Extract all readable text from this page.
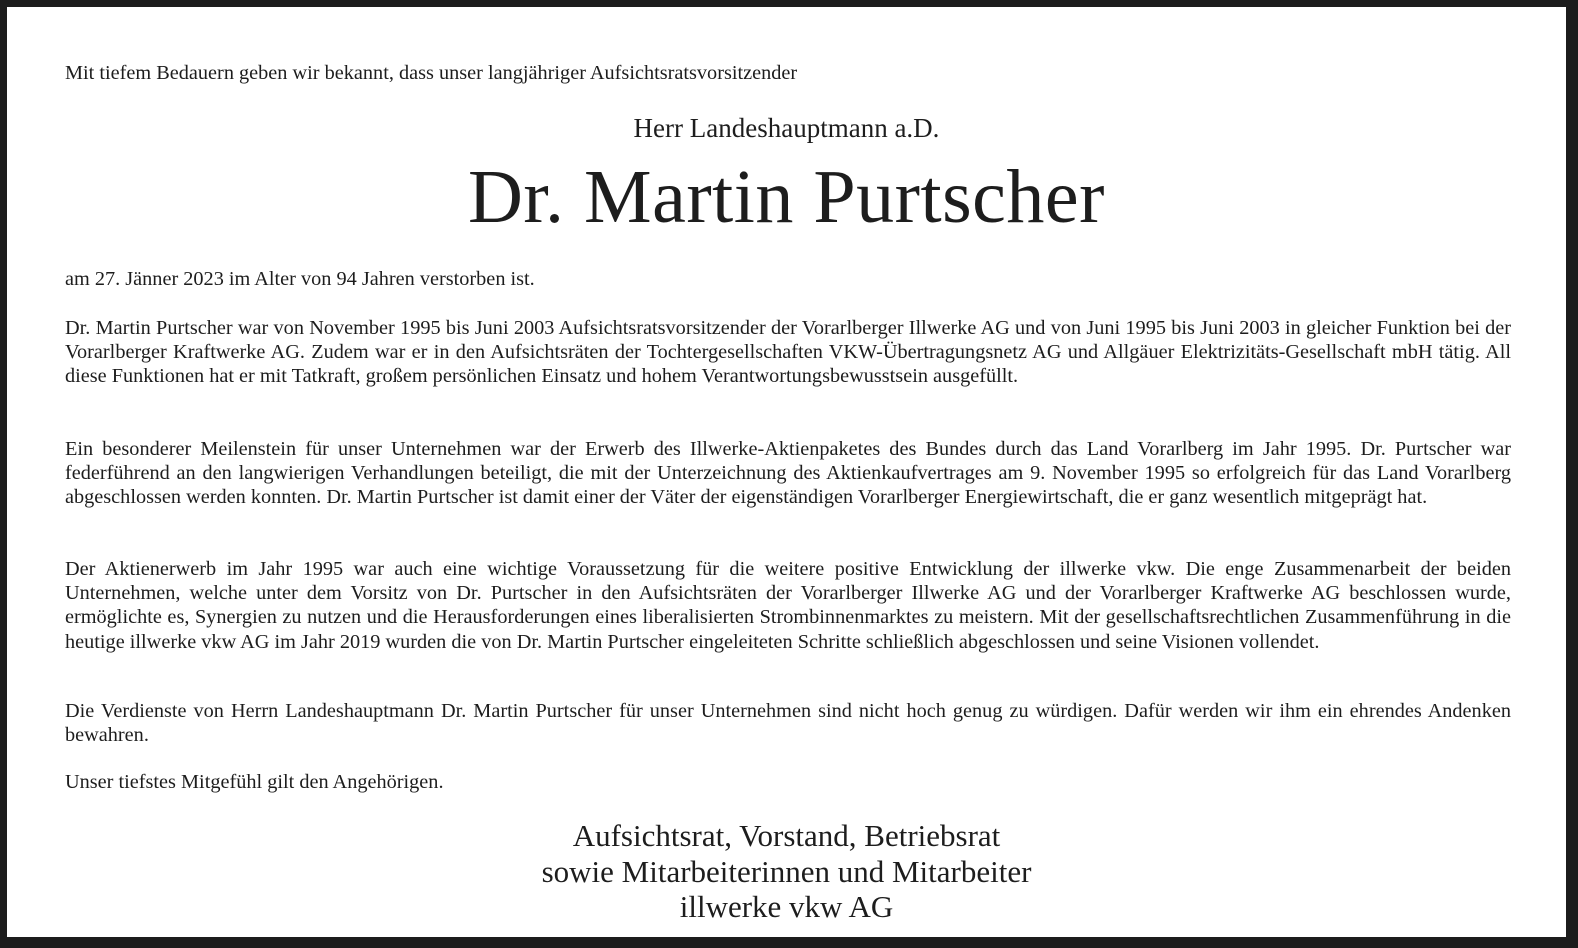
Mit tiefem Bedauern geben wir bekannt, dass unser langjähriger Aufsichtsratsvorsitzender

Herr Landeshauptmann a.D.

Dr. Martin Purtscher

am 27. Jänner 2023 im Alter von 94 Jahren verstorben ist.

Dr. Martin Purtscher war von November 1995 bis Juni 2003 Aufsichtsratsvorsitzender der Vorarlberger Illwerke AG und von Juni 1995 bis Juni 2003 in gleicher Funktion bei der Vorarlberger Kraftwerke AG. Zudem war er in den Aufsichtsräten der Tochtergesellschaften VKW-Übertragungsnetz AG und Allgäuer Elektrizitäts-Gesellschaft mbH tätig. All diese Funktionen hat er mit Tatkraft, großem persönlichen Einsatz und hohem Verantwortungsbewusstsein ausgefüllt.

Ein besonderer Meilenstein für unser Unternehmen war der Erwerb des Illwerke-Aktienpaketes des Bundes durch das Land Vorarlberg im Jahr 1995. Dr. Purtscher war federführend an den langwierigen Verhandlungen beteiligt, die mit der Unterzeichnung des Aktienkaufvertrages am 9. November 1995 so erfolgreich für das Land Vorarlberg abgeschlossen werden konnten. Dr. Martin Purtscher ist damit einer der Väter der eigenständigen Vorarlberger Energiewirtschaft, die er ganz wesentlich mitgeprägt hat.

Der Aktienerwerb im Jahr 1995 war auch eine wichtige Voraussetzung für die weitere positive Entwicklung der illwerke vkw. Die enge Zusammenarbeit der beiden Unternehmen, welche unter dem Vorsitz von Dr. Purtscher in den Aufsichtsräten der Vorarlberger Illwerke AG und der Vorarlberger Kraftwerke AG beschlossen wurde, ermöglichte es, Synergien zu nutzen und die Herausforderungen eines liberalisierten Strombinnenmarktes zu meistern. Mit der gesellschaftsrechtlichen Zusammenführung in die heutige illwerke vkw AG im Jahr 2019 wurden die von Dr. Martin Purtscher eingeleiteten Schritte schließlich abgeschlossen und seine Visionen vollendet.

Die Verdienste von Herrn Landeshauptmann Dr. Martin Purtscher für unser Unternehmen sind nicht hoch genug zu würdigen. Dafür werden wir ihm ein ehrendes Andenken bewahren.

Unser tiefstes Mitgefühl gilt den Angehörigen.

Aufsichtsrat, Vorstand, Betriebsrat
sowie Mitarbeiterinnen und Mitarbeiter
illwerke vkw AG
